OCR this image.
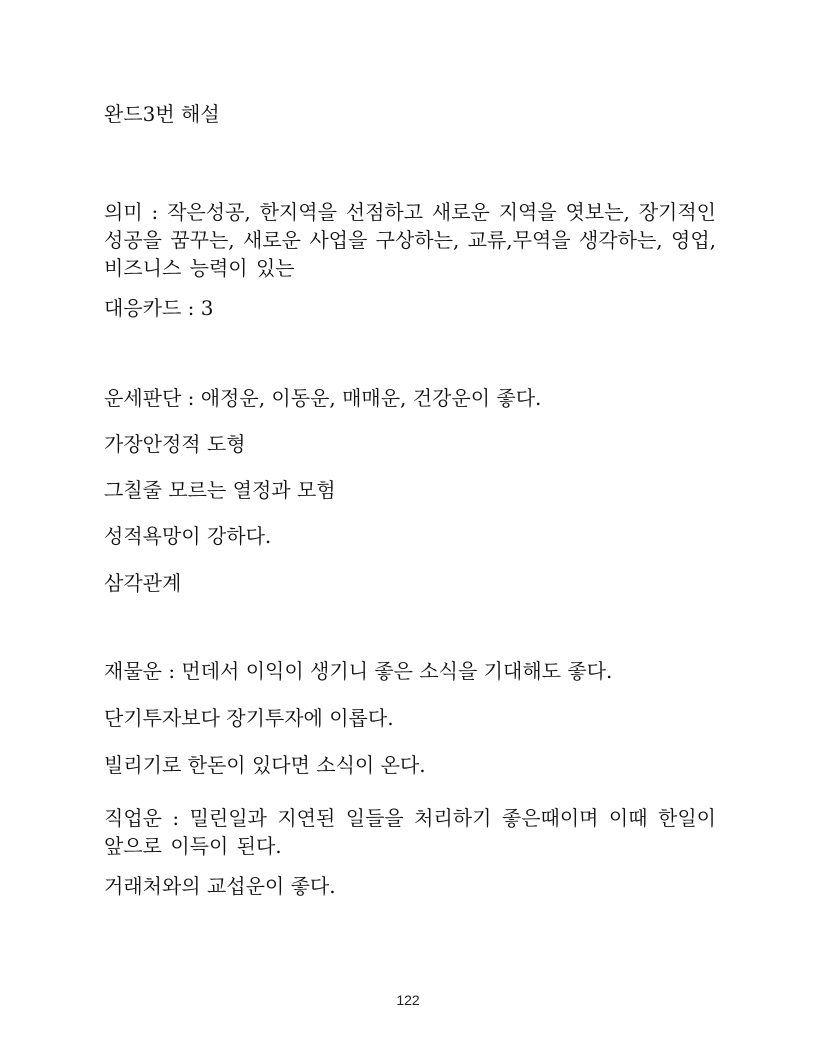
완드3번 해설
의미 : 작은성공, 한지역을 선점하고 새로운 지역을 엿보는, 장기적인 성공을 꿈꾸는, 새로운 사업을 구상하는, 교류,무역을 생각하는, 영업, 비즈니스 능력이 있는
대응카드 : 3
운세판단 : 애정운, 이동운, 매매운, 건강운이 좋다.
가장안정적 도형
그칠줄 모르는 열정과 모험
성적욕망이 강하다.
삼각관계
재물운 : 먼데서 이익이 생기니 좋은 소식을 기대해도 좋다.
단기투자보다 장기투자에 이롭다.
빌리기로 한돈이 있다면 소식이 온다.
직업운 : 밀린일과 지연된 일들을 처리하기 좋은때이며 이때 한일이 앞으로 이득이 된다.
거래처와의 교섭운이 좋다.
122
